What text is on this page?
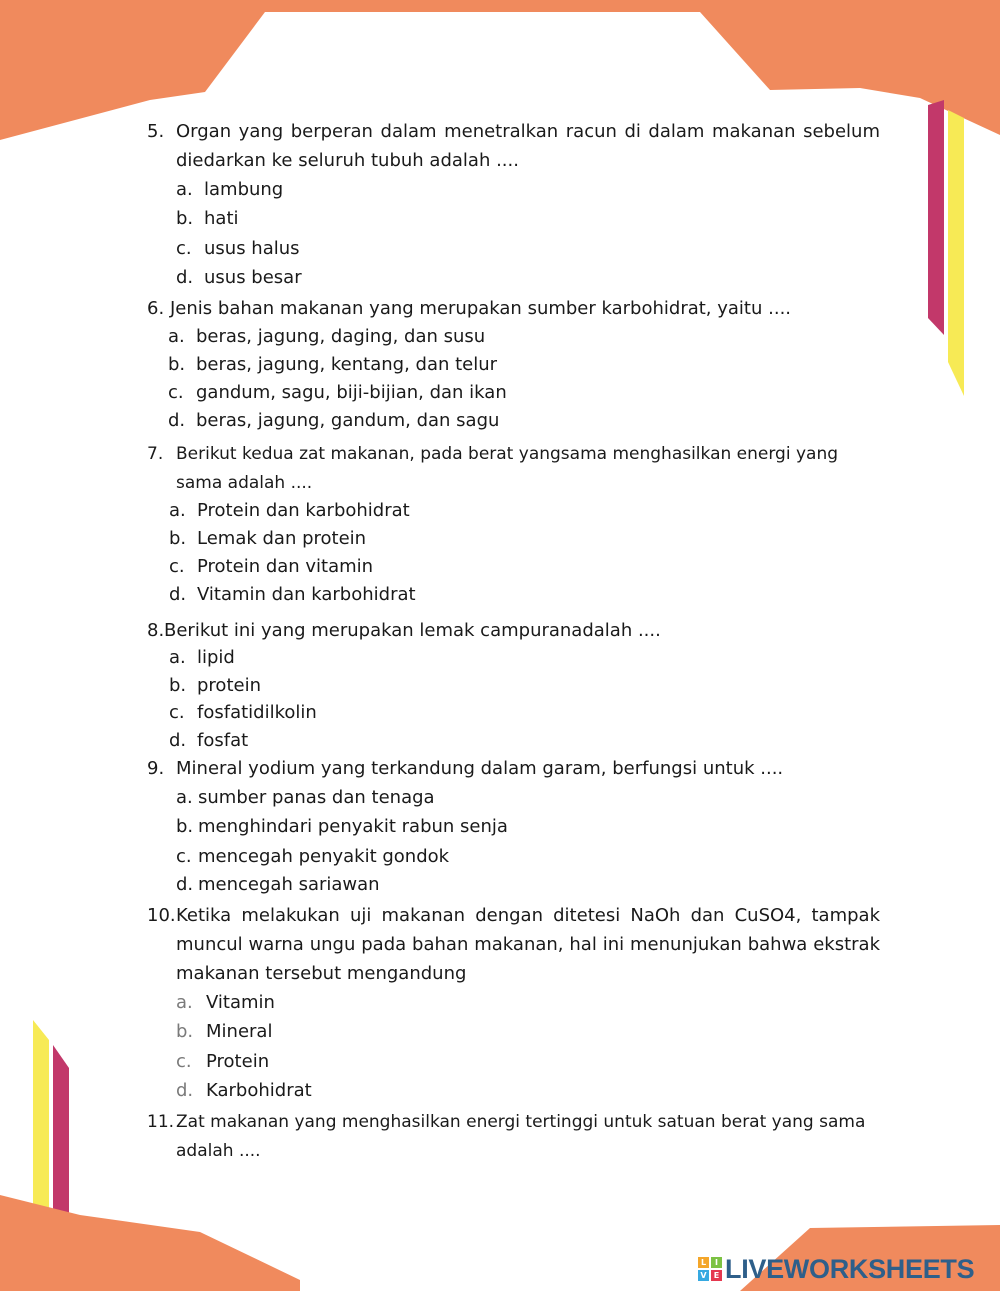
5. Organ yang berperan dalam menetralkan racun di dalam makanan sebelum diedarkan ke seluruh tubuh adalah ....
a. lambung
b. hati
c. usus halus
d. usus besar
6. Jenis bahan makanan yang merupakan sumber karbohidrat, yaitu ....
a. beras, jagung, daging, dan susu
b. beras, jagung, kentang, dan telur
c. gandum, sagu, biji-bijian, dan ikan
d. beras, jagung, gandum, dan sagu
7. Berikut kedua zat makanan, pada berat yangsama menghasilkan energi yang sama adalah ....
a. Protein dan karbohidrat
b. Lemak dan protein
c. Protein dan vitamin
d. Vitamin dan karbohidrat
8. Berikut ini yang merupakan lemak campuranadalah ....
a. lipid
b. protein
c. fosfatidilkolin
d. fosfat
9. Mineral yodium yang terkandung dalam garam, berfungsi untuk ....
a. sumber panas dan tenaga
b. menghindari penyakit rabun senja
c. mencegah penyakit gondok
d. mencegah sariawan
10. Ketika melakukan uji makanan dengan ditetesi NaOh dan CuSO4, tampak muncul warna ungu pada bahan makanan, hal ini menunjukan bahwa ekstrak makanan tersebut mengandung
a. Vitamin
b. Mineral
c. Protein
d. Karbohidrat
11. Zat makanan yang menghasilkan energi tertinggi untuk satuan berat yang sama adalah ....
L	I
V E LIVEWORKSHEETS
